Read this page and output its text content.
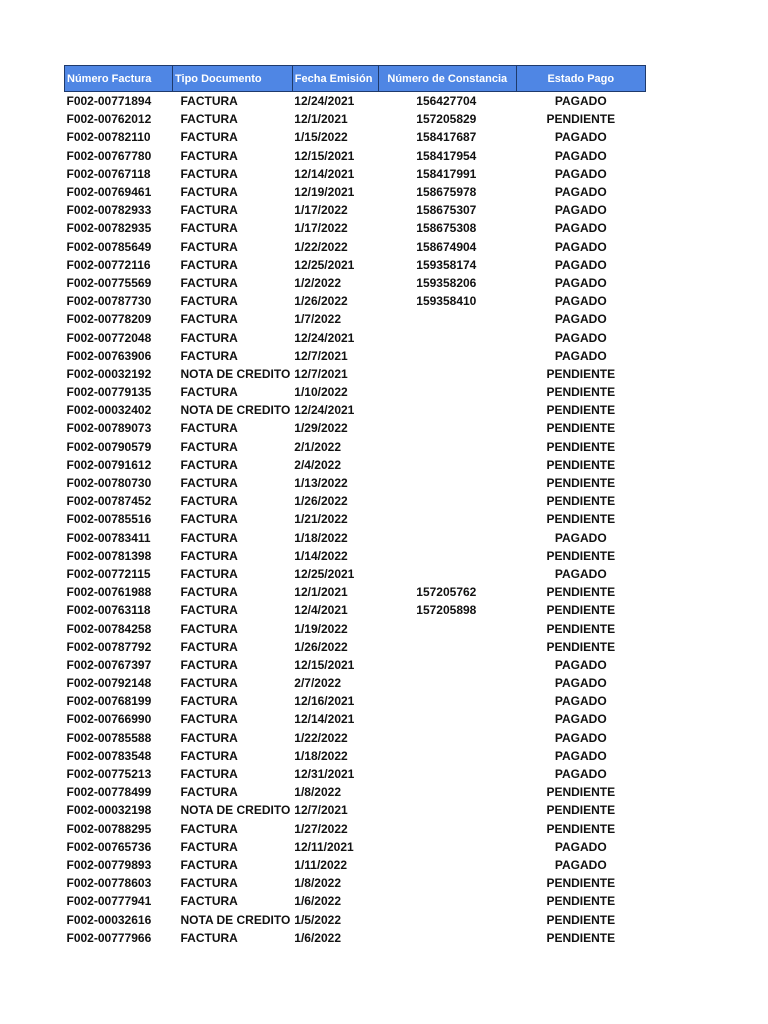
Número Factura	Tipo Documento	Fecha Emisión	Número de Constancia	Estado Pago
F002-00771894	FACTURA	12/24/2021	156427704	PAGADO
F002-00762012	FACTURA	12/1/2021	157205829	PENDIENTE
F002-00782110	FACTURA	1/15/2022	158417687	PAGADO
F002-00767780	FACTURA	12/15/2021	158417954	PAGADO
F002-00767118	FACTURA	12/14/2021	158417991	PAGADO
F002-00769461	FACTURA	12/19/2021	158675978	PAGADO
F002-00782933	FACTURA	1/17/2022	158675307	PAGADO
F002-00782935	FACTURA	1/17/2022	158675308	PAGADO
F002-00785649	FACTURA	1/22/2022	158674904	PAGADO
F002-00772116	FACTURA	12/25/2021	159358174	PAGADO
F002-00775569	FACTURA	1/2/2022	159358206	PAGADO
F002-00787730	FACTURA	1/26/2022	159358410	PAGADO
F002-00778209	FACTURA	1/7/2022		PAGADO
F002-00772048	FACTURA	12/24/2021		PAGADO
F002-00763906	FACTURA	12/7/2021		PAGADO
F002-00032192	NOTA DE CREDITO	12/7/2021		PENDIENTE
F002-00779135	FACTURA	1/10/2022		PENDIENTE
F002-00032402	NOTA DE CREDITO	12/24/2021		PENDIENTE
F002-00789073	FACTURA	1/29/2022		PENDIENTE
F002-00790579	FACTURA	2/1/2022		PENDIENTE
F002-00791612	FACTURA	2/4/2022		PENDIENTE
F002-00780730	FACTURA	1/13/2022		PENDIENTE
F002-00787452	FACTURA	1/26/2022		PENDIENTE
F002-00785516	FACTURA	1/21/2022		PENDIENTE
F002-00783411	FACTURA	1/18/2022		PAGADO
F002-00781398	FACTURA	1/14/2022		PENDIENTE
F002-00772115	FACTURA	12/25/2021		PAGADO
F002-00761988	FACTURA	12/1/2021	157205762	PENDIENTE
F002-00763118	FACTURA	12/4/2021	157205898	PENDIENTE
F002-00784258	FACTURA	1/19/2022		PENDIENTE
F002-00787792	FACTURA	1/26/2022		PENDIENTE
F002-00767397	FACTURA	12/15/2021		PAGADO
F002-00792148	FACTURA	2/7/2022		PAGADO
F002-00768199	FACTURA	12/16/2021		PAGADO
F002-00766990	FACTURA	12/14/2021		PAGADO
F002-00785588	FACTURA	1/22/2022		PAGADO
F002-00783548	FACTURA	1/18/2022		PAGADO
F002-00775213	FACTURA	12/31/2021		PAGADO
F002-00778499	FACTURA	1/8/2022		PENDIENTE
F002-00032198	NOTA DE CREDITO	12/7/2021		PENDIENTE
F002-00788295	FACTURA	1/27/2022		PENDIENTE
F002-00765736	FACTURA	12/11/2021		PAGADO
F002-00779893	FACTURA	1/11/2022		PAGADO
F002-00778603	FACTURA	1/8/2022		PENDIENTE
F002-00777941	FACTURA	1/6/2022		PENDIENTE
F002-00032616	NOTA DE CREDITO	1/5/2022		PENDIENTE
F002-00777966	FACTURA	1/6/2022		PENDIENTE
